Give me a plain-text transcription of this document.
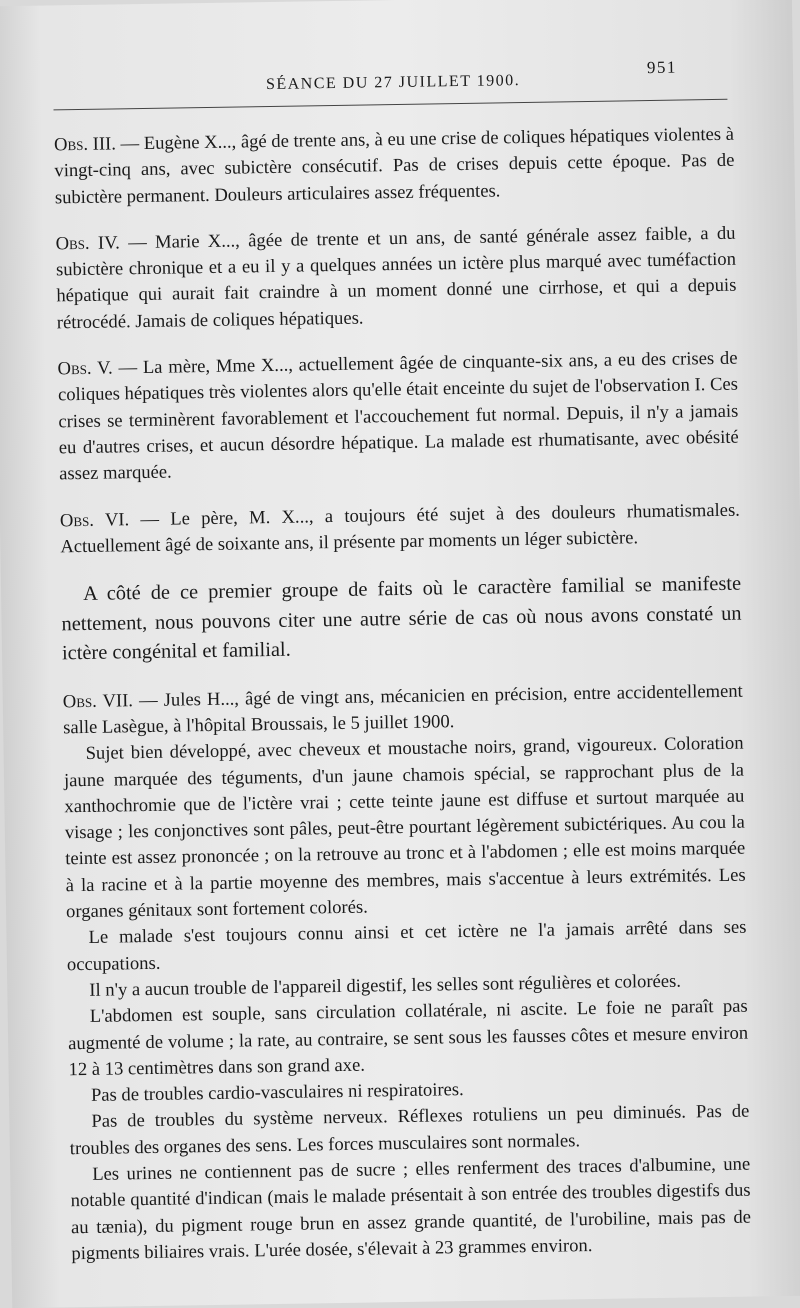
SÉANCE DU 27 JUILLET 1900.
951
Obs. III. — Eugène X..., âgé de trente ans, à eu une crise de coliques hépatiques violentes à vingt-cinq ans, avec subictère consécutif. Pas de crises depuis cette époque. Pas de subictère permanent. Douleurs articulaires assez fréquentes.
Obs. IV. — Marie X..., âgée de trente et un ans, de santé générale assez faible, a du subictère chronique et a eu il y a quelques années un ictère plus marqué avec tuméfaction hépatique qui aurait fait craindre à un moment donné une cirrhose, et qui a depuis rétrocédé. Jamais de coliques hépatiques.
Obs. V. — La mère, Mme X..., actuellement âgée de cinquante-six ans, a eu des crises de coliques hépatiques très violentes alors qu'elle était enceinte du sujet de l'observation I. Ces crises se terminèrent favorablement et l'accouchement fut normal. Depuis, il n'y a jamais eu d'autres crises, et aucun désordre hépatique. La malade est rhumatisante, avec obésité assez marquée.
Obs. VI. — Le père, M. X..., a toujours été sujet à des douleurs rhumatismales. Actuellement âgé de soixante ans, il présente par moments un léger subictère.

A côté de ce premier groupe de faits où le caractère familial se manifeste nettement, nous pouvons citer une autre série de cas où nous avons constaté un ictère congénital et familial.

Obs. VII. — Jules H..., âgé de vingt ans, mécanicien en précision, entre accidentellement salle Lasègue, à l'hôpital Broussais, le 5 juillet 1900.

Sujet bien développé, avec cheveux et moustache noirs, grand, vigoureux. Coloration jaune marquée des téguments, d'un jaune chamois spécial, se rapprochant plus de la xanthochromie que de l'ictère vrai ; cette teinte jaune est diffuse et surtout marquée au visage ; les conjonctives sont pâles, peut-être pourtant légèrement subictériques. Au cou la teinte est assez prononcée ; on la retrouve au tronc et à l'abdomen ; elle est moins marquée à la racine et à la partie moyenne des membres, mais s'accentue à leurs extrémités. Les organes génitaux sont fortement colorés.

Le malade s'est toujours connu ainsi et cet ictère ne l'a jamais arrêté dans ses occupations.

Il n'y a aucun trouble de l'appareil digestif, les selles sont régulières et colorées.

L'abdomen est souple, sans circulation collatérale, ni ascite. Le foie ne paraît pas augmenté de volume ; la rate, au contraire, se sent sous les fausses côtes et mesure environ 12 à 13 centimètres dans son grand axe.

Pas de troubles cardio-vasculaires ni respiratoires.

Pas de troubles du système nerveux. Réflexes rotuliens un peu diminués. Pas de troubles des organes des sens. Les forces musculaires sont normales.

Les urines ne contiennent pas de sucre ; elles renferment des traces d'albumine, une notable quantité d'indican (mais le malade présentait à son entrée des troubles digestifs dus au tænia), du pigment rouge brun en assez grande quantité, de l'urobiline, mais pas de pigments biliaires vrais. L'urée dosée, s'élevait à 23 grammes environ.
